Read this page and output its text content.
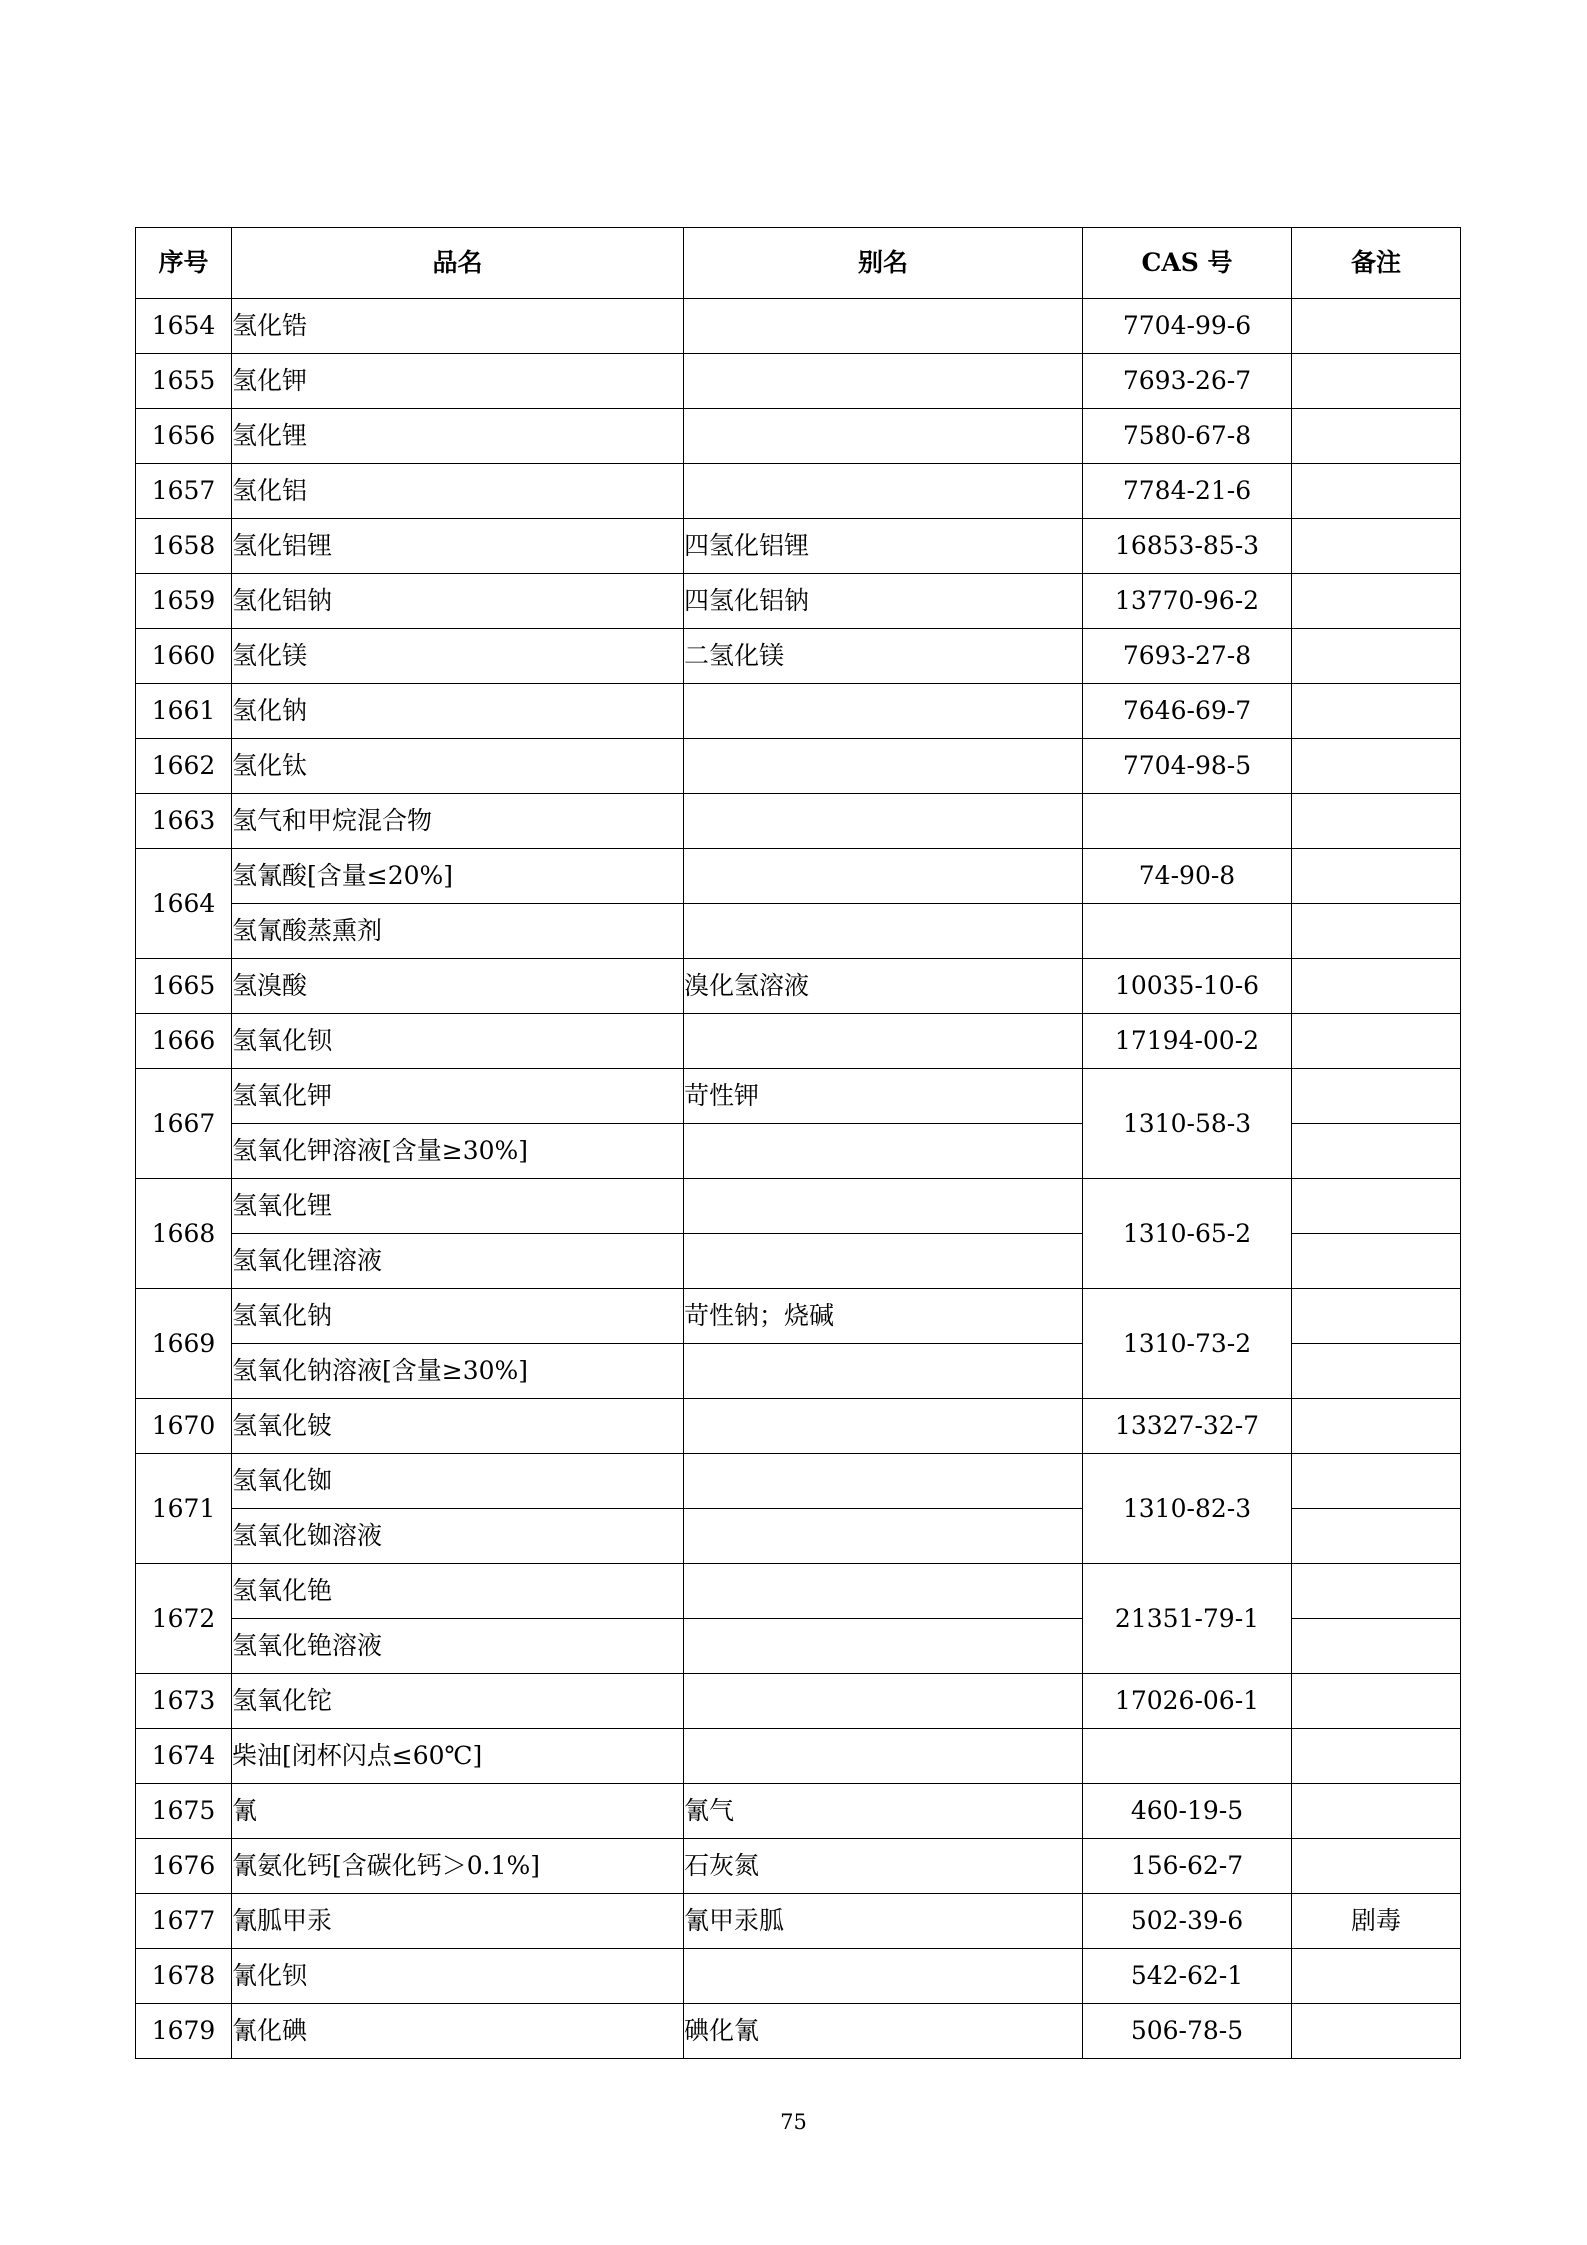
序号	品名	别名	CAS 号	备注
1654	氢化锆		7704-99-6	
1655	氢化钾		7693-26-7	
1656	氢化锂		7580-67-8	
1657	氢化铝		7784-21-6	
1658	氢化铝锂	四氢化铝锂	16853-85-3	
1659	氢化铝钠	四氢化铝钠	13770-96-2	
1660	氢化镁	二氢化镁	7693-27-8	
1661	氢化钠		7646-69-7	
1662	氢化钛		7704-98-5	
1663	氢气和甲烷混合物			
1664	氢氰酸[含量≤20%]		74-90-8	
	氢氰酸蒸熏剂			
1665	氢溴酸	溴化氢溶液	10035-10-6	
1666	氢氧化钡		17194-00-2	
1667	氢氧化钾	苛性钾	1310-58-3	
	氢氧化钾溶液[含量≥30%]			
1668	氢氧化锂		1310-65-2	
	氢氧化锂溶液			
1669	氢氧化钠	苛性钠；烧碱	1310-73-2	
	氢氧化钠溶液[含量≥30%]			
1670	氢氧化铍		13327-32-7	
1671	氢氧化铷		1310-82-3	
	氢氧化铷溶液			
1672	氢氧化铯		21351-79-1	
	氢氧化铯溶液			
1673	氢氧化铊		17026-06-1	
1674	柴油[闭杯闪点≤60℃]			
1675	氰	氰气	460-19-5	
1676	氰氨化钙[含碳化钙＞0.1%]	石灰氮	156-62-7	
1677	氰胍甲汞	氰甲汞胍	502-39-6	剧毒
1678	氰化钡		542-62-1	
1679	氰化碘	碘化氰	506-78-5	
75
